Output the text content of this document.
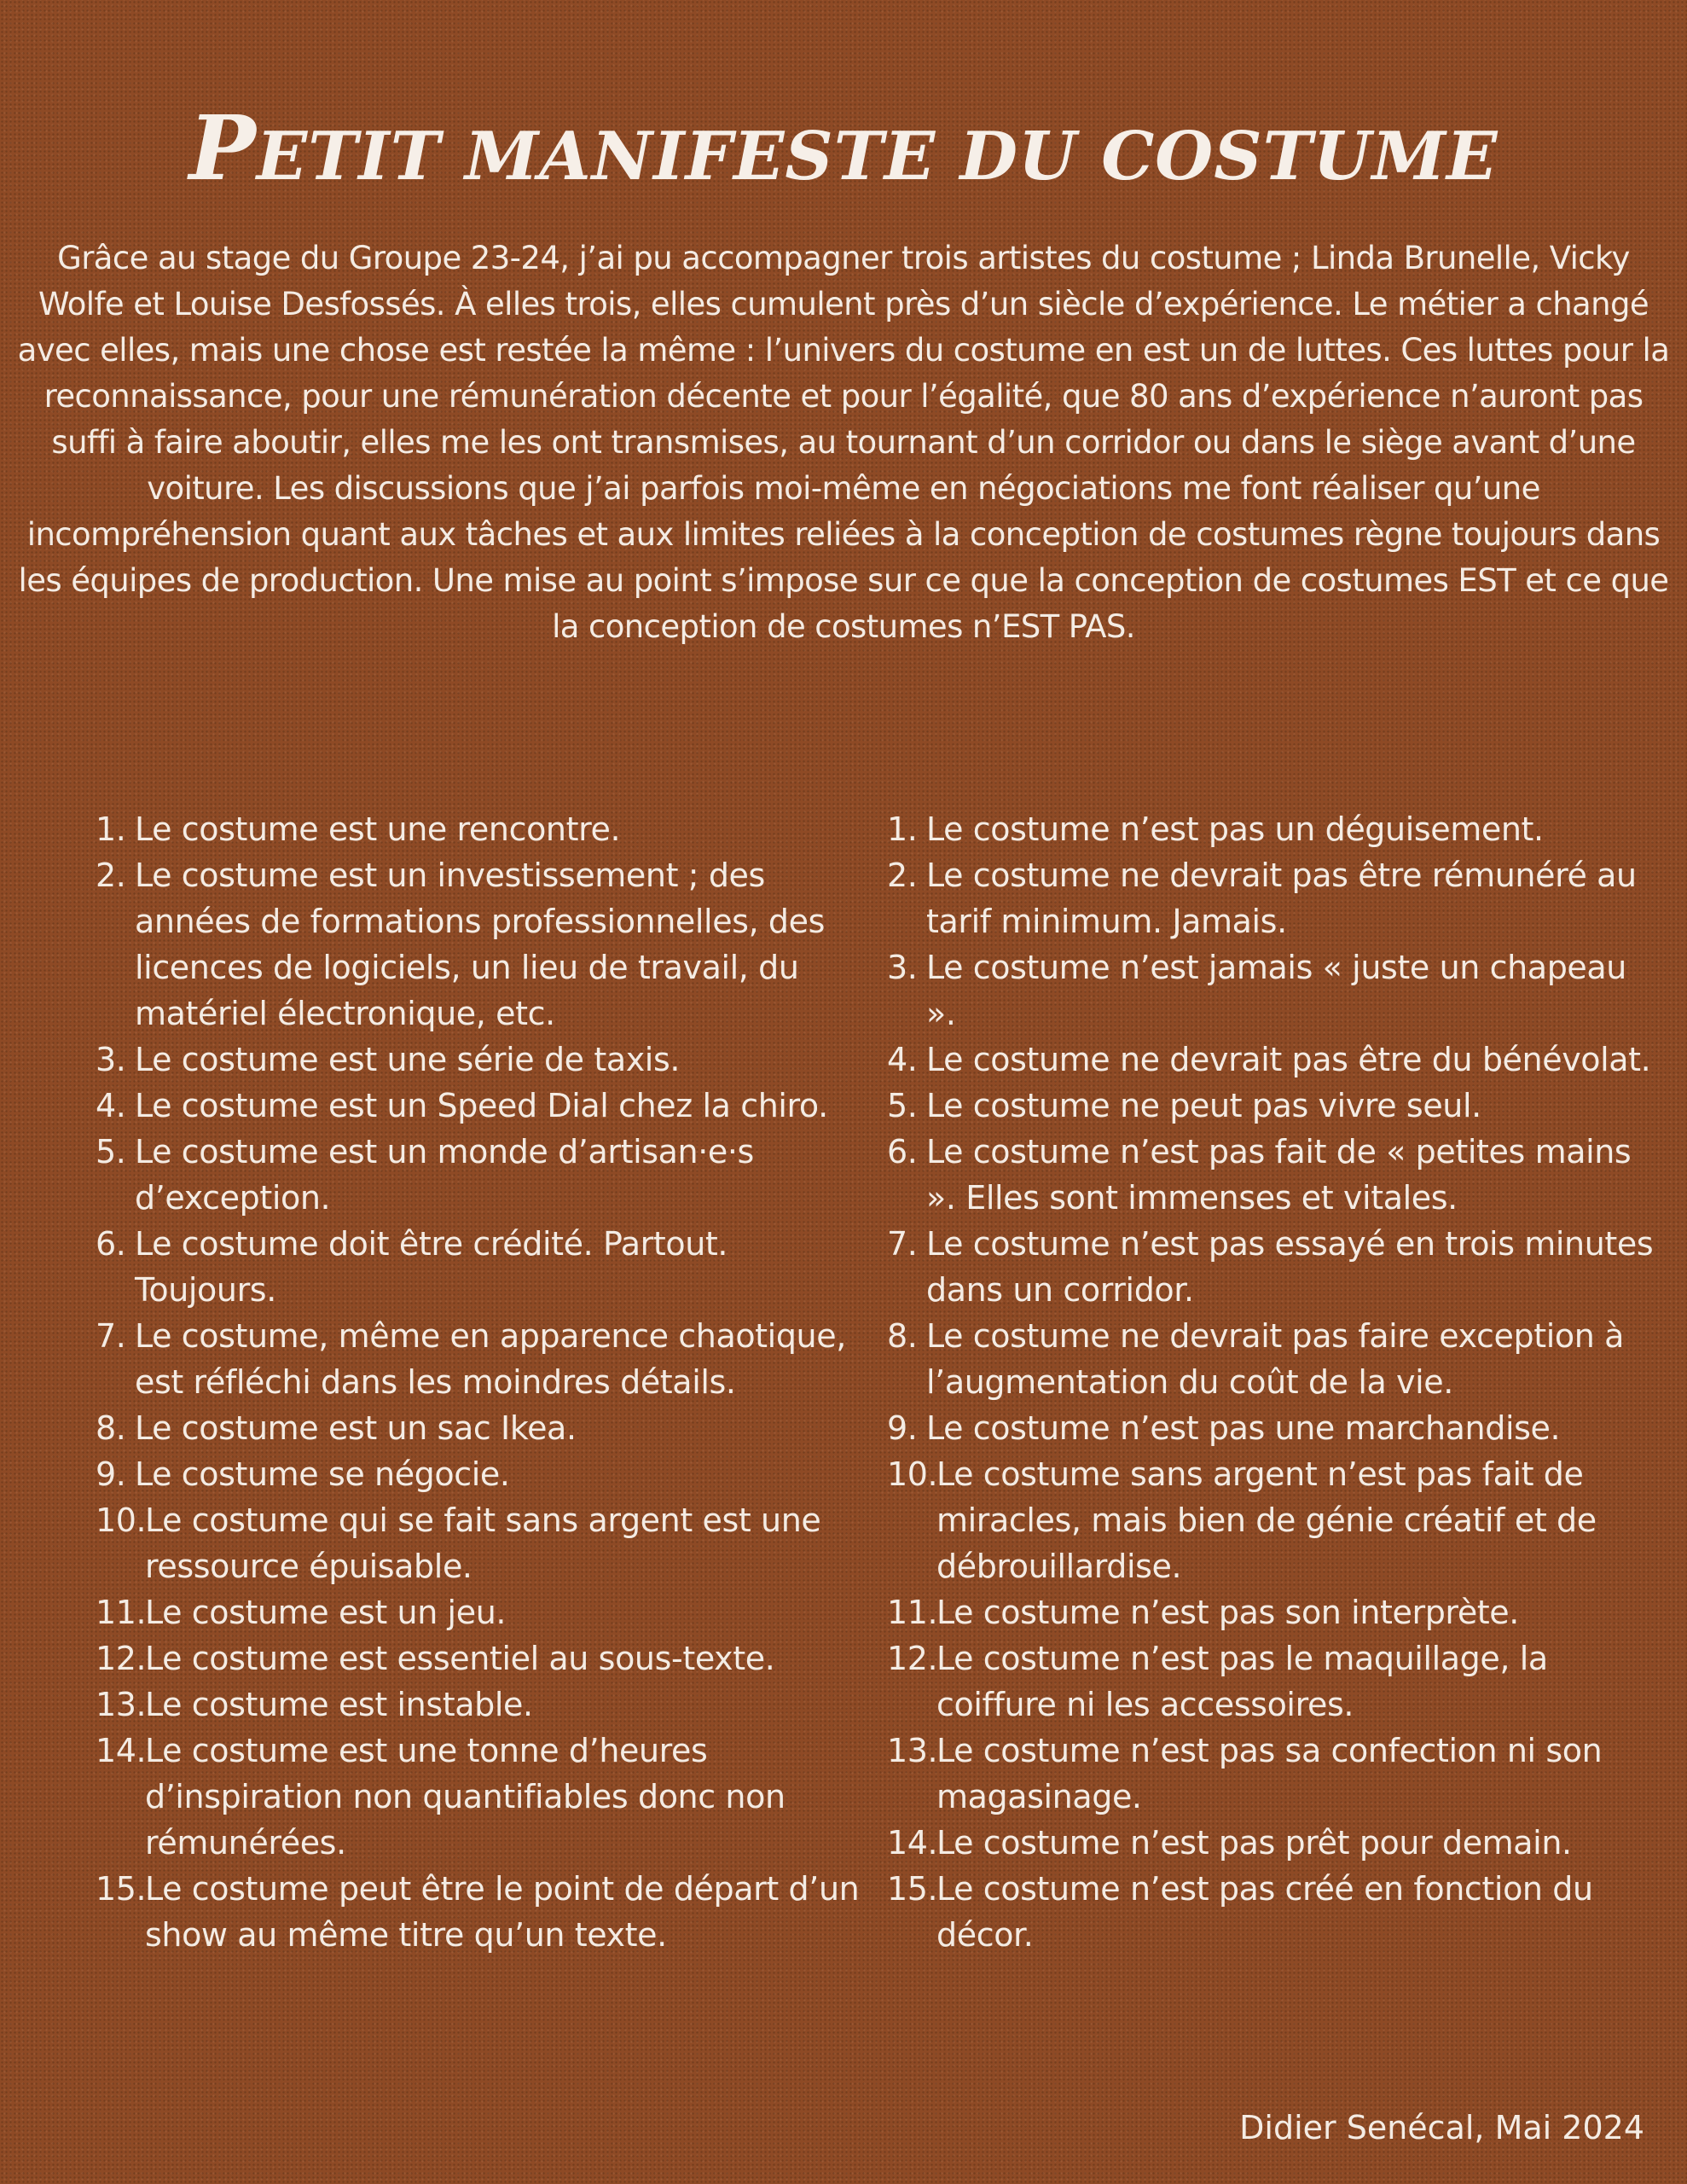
PETIT MANIFESTE DU COSTUME

Grâce au stage du Groupe 23-24, j’ai pu accompagner trois artistes du costume ; Linda Brunelle, Vicky Wolfe et Louise Desfossés. À elles trois, elles cumulent près d’un siècle d’expérience. Le métier a changé avec elles, mais une chose est restée la même : l’univers du costume en est un de luttes. Ces luttes pour la reconnaissance, pour une rémunération décente et pour l’égalité, que 80 ans d’expérience n’auront pas suffi à faire aboutir, elles me les ont transmises, au tournant d’un corridor ou dans le siège avant d’une voiture. Les discussions que j’ai parfois moi-même en négociations me font réaliser qu’une incompréhension quant aux tâches et aux limites reliées à la conception de costumes règne toujours dans les équipes de production. Une mise au point s’impose sur ce que la conception de costumes EST et ce que la conception de costumes n’EST PAS.

1. Le costume est une rencontre.
2. Le costume est un investissement ; des années de formations professionnelles, des licences de logiciels, un lieu de travail, du matériel électronique, etc.
3. Le costume est une série de taxis.
4. Le costume est un Speed Dial chez la chiro.
5. Le costume est un monde d’artisan·e·s d’exception.
6. Le costume doit être crédité. Partout. Toujours.
7. Le costume, même en apparence chaotique, est réfléchi dans les moindres détails.
8. Le costume est un sac Ikea.
9. Le costume se négocie.
10.
Le costume qui se fait sans argent est une ressource épuisable.
11.
Le costume est un jeu.
12.
Le costume est essentiel au sous-texte.
13.
Le costume est instable.
14.
Le costume est une tonne d’heures d’inspiration non quantifiables donc non rémunérées.
15.
Le costume peut être le point de départ d’un show au même titre qu’un texte.
1. Le costume n’est pas un déguisement.
2. Le costume ne devrait pas être rémunéré au tarif minimum. Jamais.
3. Le costume n’est jamais « juste un chapeau ».
4. Le costume ne devrait pas être du bénévolat.
5. Le costume ne peut pas vivre seul.
6. Le costume n’est pas fait de « petites mains ». Elles sont immenses et vitales.
7. Le costume n’est pas essayé en trois minutes dans un corridor.
8. Le costume ne devrait pas faire exception à l’augmentation du coût de la vie.
9. Le costume n’est pas une marchandise.
10.
Le costume sans argent n’est pas fait de miracles, mais bien de génie créatif et de débrouillardise.
11.
Le costume n’est pas son interprète.
12.
Le costume n’est pas le maquillage, la coiffure ni les accessoires.
13.
Le costume n’est pas sa confection ni son magasinage.
14.
Le costume n’est pas prêt pour demain.
15.
Le costume n’est pas créé en fonction du décor.
Didier Senécal, Mai 2024
